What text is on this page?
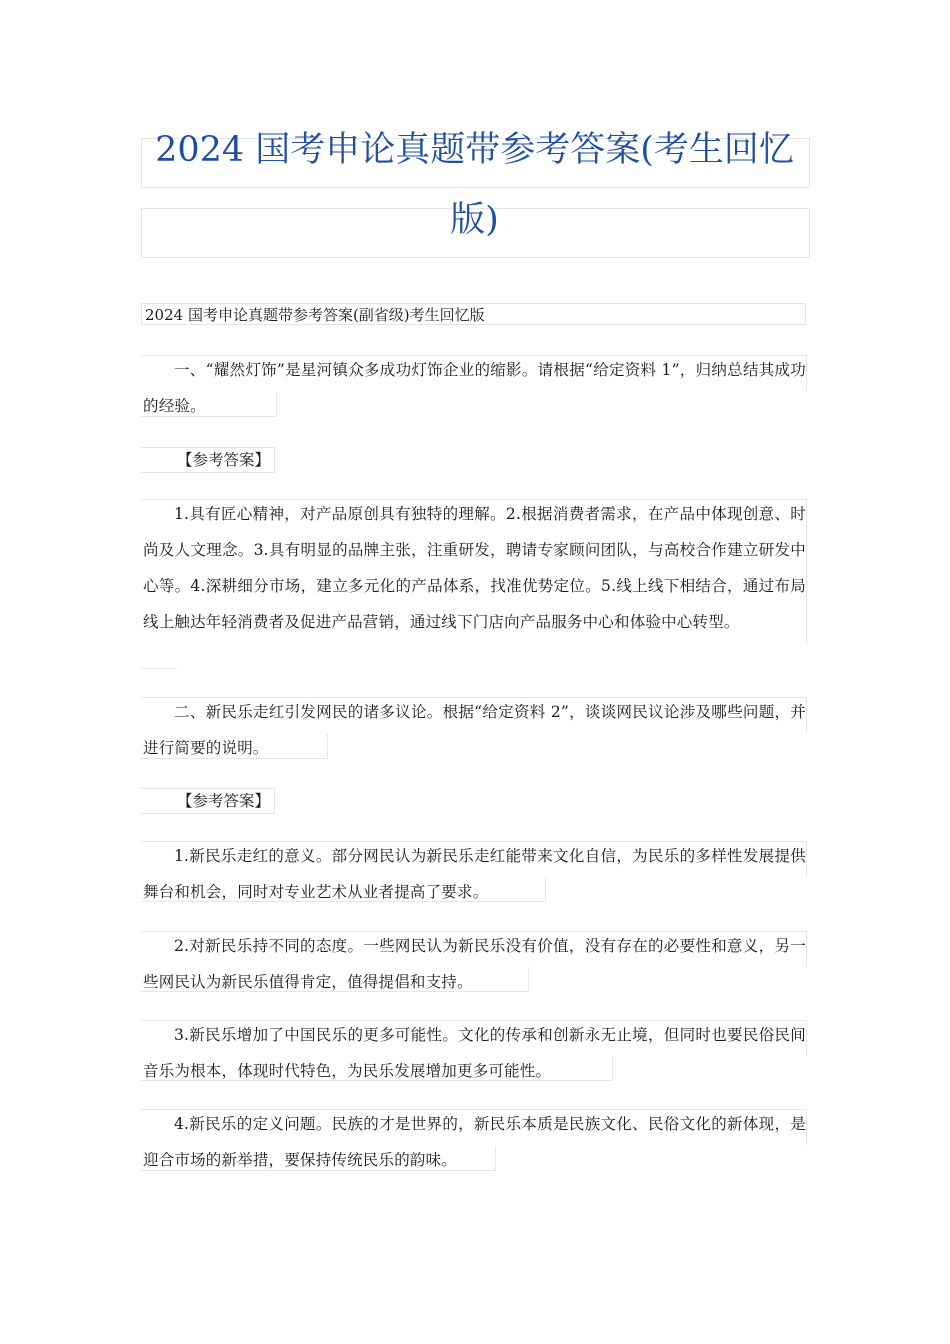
2024 国考申论真题带参考答案(考生回忆
版)
2024 国考申论真题带参考答案(副省级)考生回忆版
一、“耀然灯饰”是星河镇众多成功灯饰企业的缩影。请根据“给定资料 1”，归纳总结其成功的经验。
【参考答案】
1.具有匠心精神，对产品原创具有独特的理解。2.根据消费者需求，在产品中体现创意、时尚及人文理念。3.具有明显的品牌主张，注重研发，聘请专家顾问团队，与高校合作建立研发中心等。4.深耕细分市场，建立多元化的产品体系，找准优势定位。5.线上线下相结合，通过布局线上触达年轻消费者及促进产品营销，通过线下门店向产品服务中心和体验中心转型。
二、新民乐走红引发网民的诸多议论。根据“给定资料 2”，谈谈网民议论涉及哪些问题，并进行简要的说明。
【参考答案】
1.新民乐走红的意义。部分网民认为新民乐走红能带来文化自信，为民乐的多样性发展提供舞台和机会，同时对专业艺术从业者提高了要求。
2.对新民乐持不同的态度。一些网民认为新民乐没有价值，没有存在的必要性和意义，另一些网民认为新民乐值得肯定，值得提倡和支持。
3.新民乐增加了中国民乐的更多可能性。文化的传承和创新永无止境，但同时也要民俗民间音乐为根本，体现时代特色，为民乐发展增加更多可能性。
4.新民乐的定义问题。民族的才是世界的，新民乐本质是民族文化、民俗文化的新体现，是迎合市场的新举措，要保持传统民乐的韵味。
